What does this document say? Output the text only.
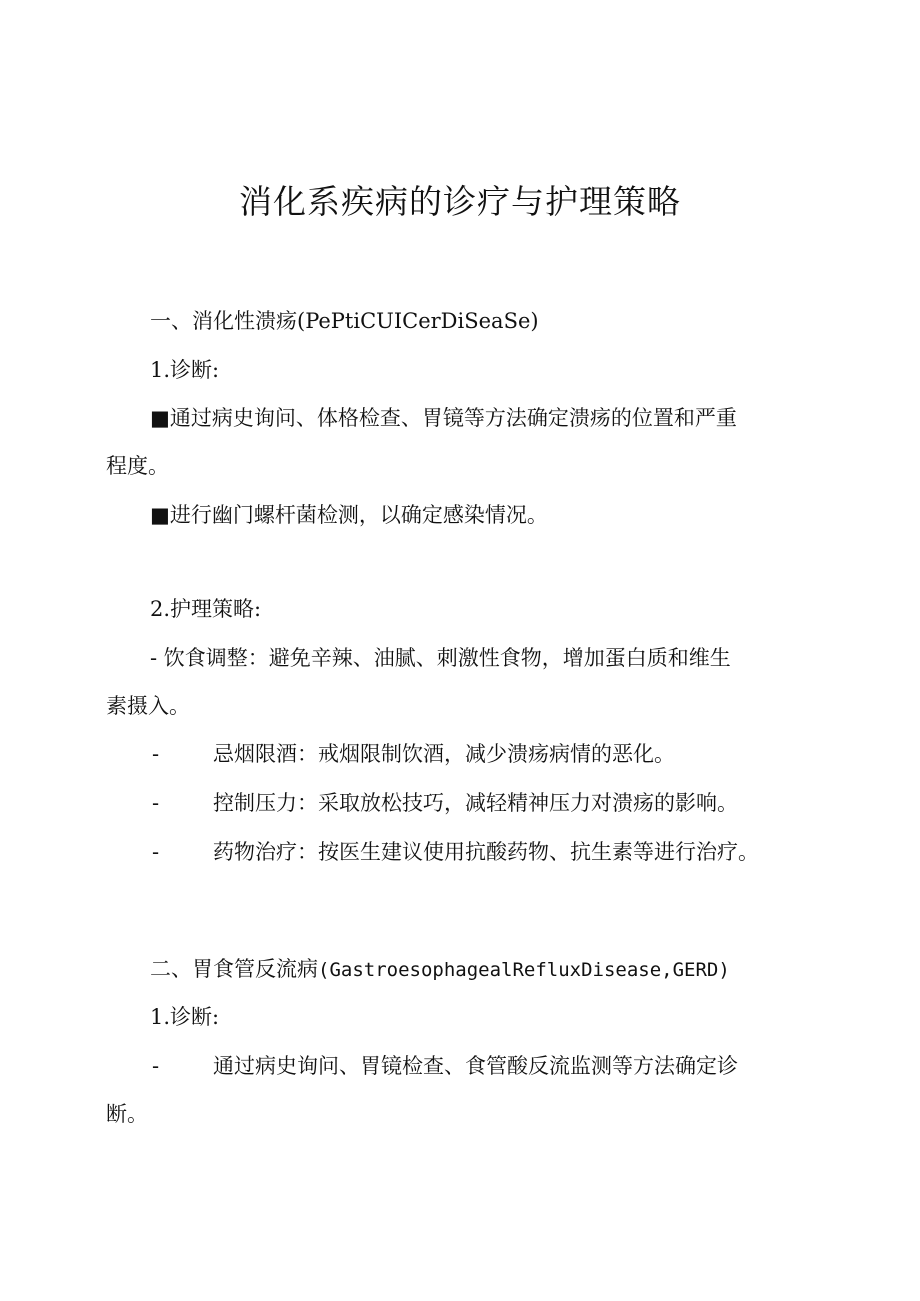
消化系疾病的诊疗与护理策略
一、消化性溃疡(PePtiCUICerDiSeaSe)
1.诊断:
■通过病史询问、体格检查、胃镜等方法确定溃疡的位置和严重
程度。
■进行幽门螺杆菌检测，以确定感染情况。
2.护理策略:
- 饮食调整：避免辛辣、油腻、刺激性食物，增加蛋白质和维生
素摄入。
-	忌烟限酒：戒烟限制饮酒，减少溃疡病情的恶化。
-	控制压力：采取放松技巧，减轻精神压力对溃疡的影响。
-	药物治疗：按医生建议使用抗酸药物、抗生素等进行治疗。
二、胃食管反流病(GastroesophagealRefluxDisease,GERD)
1.诊断:
-	通过病史询问、胃镜检查、食管酸反流监测等方法确定诊
断。
